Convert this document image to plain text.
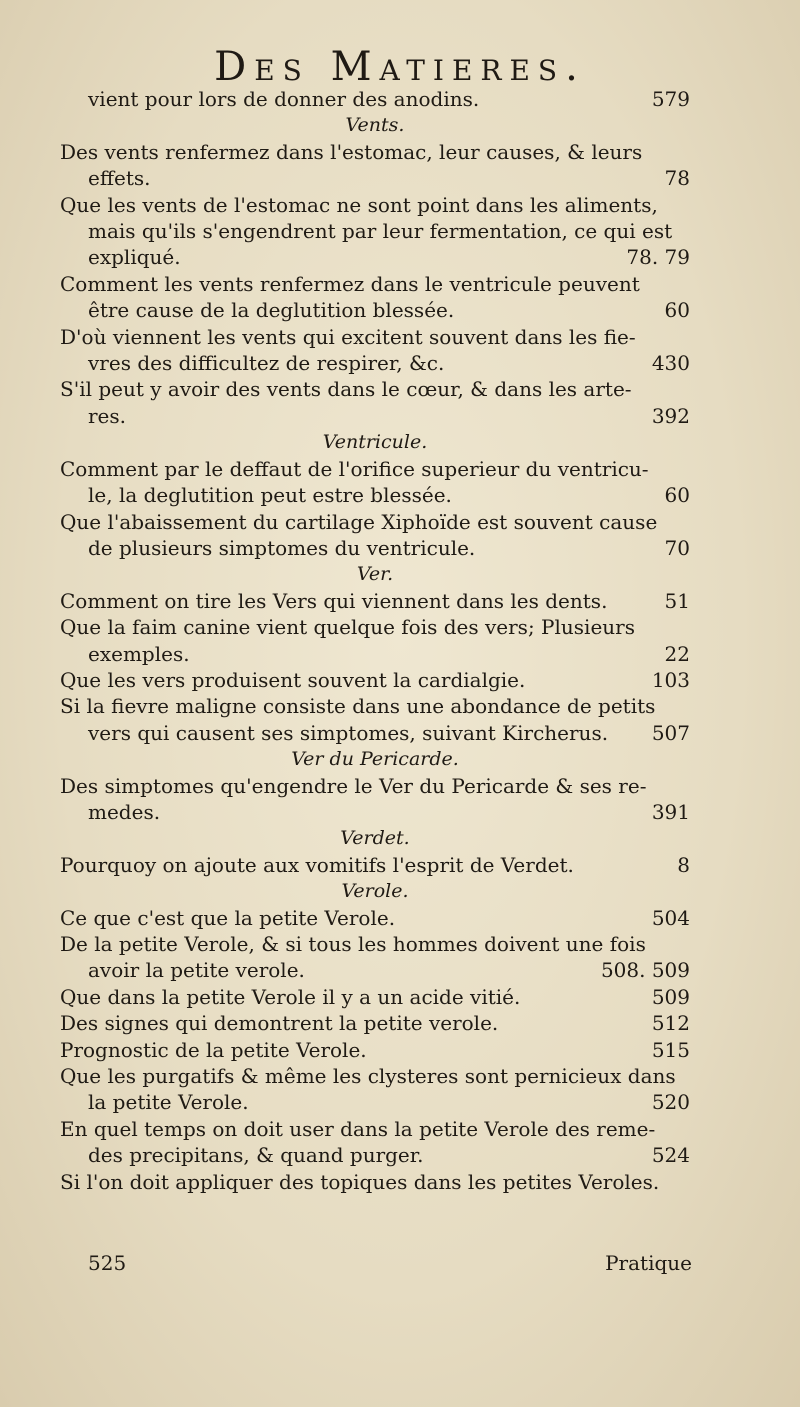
Des Matieres.
vient pour lors de donner des anodins.	579
Vents.
Des vents renfermez dans l'estomac, leur causes, & leurs
effets.	78
Que les vents de l'estomac ne sont point dans les aliments,
mais qu'ils s'engendrent par leur fermentation, ce qui est
expliqué.	78. 79
Comment les vents renfermez dans le ventricule peuvent
être cause de la deglutition blessée.	60
D'où viennent les vents qui excitent souvent dans les fie-
vres des difficultez de respirer, &c.	430
S'il peut y avoir des vents dans le cœur, & dans les arte-
res.	392
Ventricule.
Comment par le deffaut de l'orifice superieur du ventricu-
le, la deglutition peut estre blessée.	60
Que l'abaissement du cartilage Xiphoïde est souvent cause
de plusieurs simptomes du ventricule.	70
Ver.
Comment on tire les Vers qui viennent dans les dents.	51
Que la faim canine vient quelque fois des vers; Plusieurs
exemples.	22
Que les vers produisent souvent la cardialgie.	103
Si la fievre maligne consiste dans une abondance de petits
vers qui causent ses simptomes, suivant Kircherus.	507
Ver du Pericarde.
Des simptomes qu'engendre le Ver du Pericarde & ses re-
medes.	391
Verdet.
Pourquoy on ajoute aux vomitifs l'esprit de Verdet.	8
Verole.
Ce que c'est que la petite Verole.	504
De la petite Verole, & si tous les hommes doivent une fois
avoir la petite verole.	508. 509
Que dans la petite Verole il y a un acide vitié.	509
Des signes qui demontrent la petite verole.	512
Prognostic de la petite Verole.	515
Que les purgatifs & même les clysteres sont pernicieux dans
la petite Verole.	520
En quel temps on doit user dans la petite Verole des reme-
des precipitans, & quand purger.	524
Si l'on doit appliquer des topiques dans les petites Veroles.
525	Pratique
